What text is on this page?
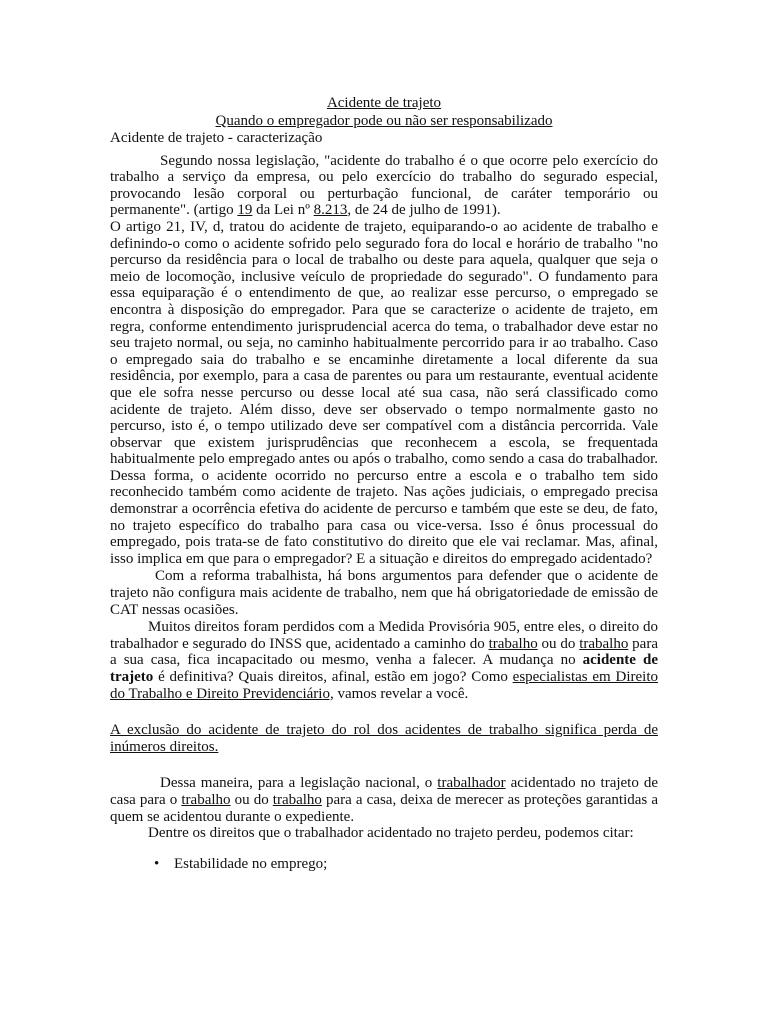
Acidente de trajeto
Quando o empregador pode ou não ser responsabilizado

Acidente de trajeto - caracterização

Segundo nossa legislação, "acidente do trabalho é o que ocorre pelo exercício do trabalho a serviço da empresa, ou pelo exercício do trabalho do segurado especial, provocando lesão corporal ou perturbação funcional, de caráter temporário ou permanente". (artigo 19 da Lei nº 8.213, de 24 de julho de 1991).

O artigo 21, IV, d, tratou do acidente de trajeto, equiparando-o ao acidente de trabalho e definindo-o como o acidente sofrido pelo segurado fora do local e horário de trabalho "no percurso da residência para o local de trabalho ou deste para aquela, qualquer que seja o meio de locomoção, inclusive veículo de propriedade do segurado". O fundamento para essa equiparação é o entendimento de que, ao realizar esse percurso, o empregado se encontra à disposição do empregador. Para que se caracterize o acidente de trajeto, em regra, conforme entendimento jurisprudencial acerca do tema, o trabalhador deve estar no seu trajeto normal, ou seja, no caminho habitualmente percorrido para ir ao trabalho. Caso o empregado saia do trabalho e se encaminhe diretamente a local diferente da sua residência, por exemplo, para a casa de parentes ou para um restaurante, eventual acidente que ele sofra nesse percurso ou desse local até sua casa, não será classificado como acidente de trajeto. Além disso, deve ser observado o tempo normalmente gasto no percurso, isto é, o tempo utilizado deve ser compatível com a distância percorrida. Vale observar que existem jurisprudências que reconhecem a escola, se frequentada habitualmente pelo empregado antes ou após o trabalho, como sendo a casa do trabalhador. Dessa forma, o acidente ocorrido no percurso entre a escola e o trabalho tem sido reconhecido também como acidente de trajeto. Nas ações judiciais, o empregado precisa demonstrar a ocorrência efetiva do acidente de percurso e também que este se deu, de fato, no trajeto específico do trabalho para casa ou vice-versa. Isso é ônus processual do empregado, pois trata-se de fato constitutivo do direito que ele vai reclamar. Mas, afinal, isso implica em que para o empregador? E a situação e direitos do empregado acidentado?

Com a reforma trabalhista, há bons argumentos para defender que o acidente de trajeto não configura mais acidente de trabalho, nem que há obrigatoriedade de emissão de CAT nessas ocasiões.

Muitos direitos foram perdidos com a Medida Provisória 905, entre eles, o direito do trabalhador e segurado do INSS que, acidentado a caminho do trabalho ou do trabalho para a sua casa, fica incapacitado ou mesmo, venha a falecer. A mudança no acidente de trajeto é definitiva? Quais direitos, afinal, estão em jogo? Como especialistas em Direito do Trabalho e Direito Previdenciário, vamos revelar a você.

A exclusão do acidente de trajeto do rol dos acidentes de trabalho significa perda de inúmeros direitos.

Dessa maneira, para a legislação nacional, o trabalhador acidentado no trajeto de casa para o trabalho ou do trabalho para a casa, deixa de merecer as proteções garantidas a quem se acidentou durante o expediente.

Dentre os direitos que o trabalhador acidentado no trajeto perdeu, podemos citar:

• Estabilidade no emprego;
